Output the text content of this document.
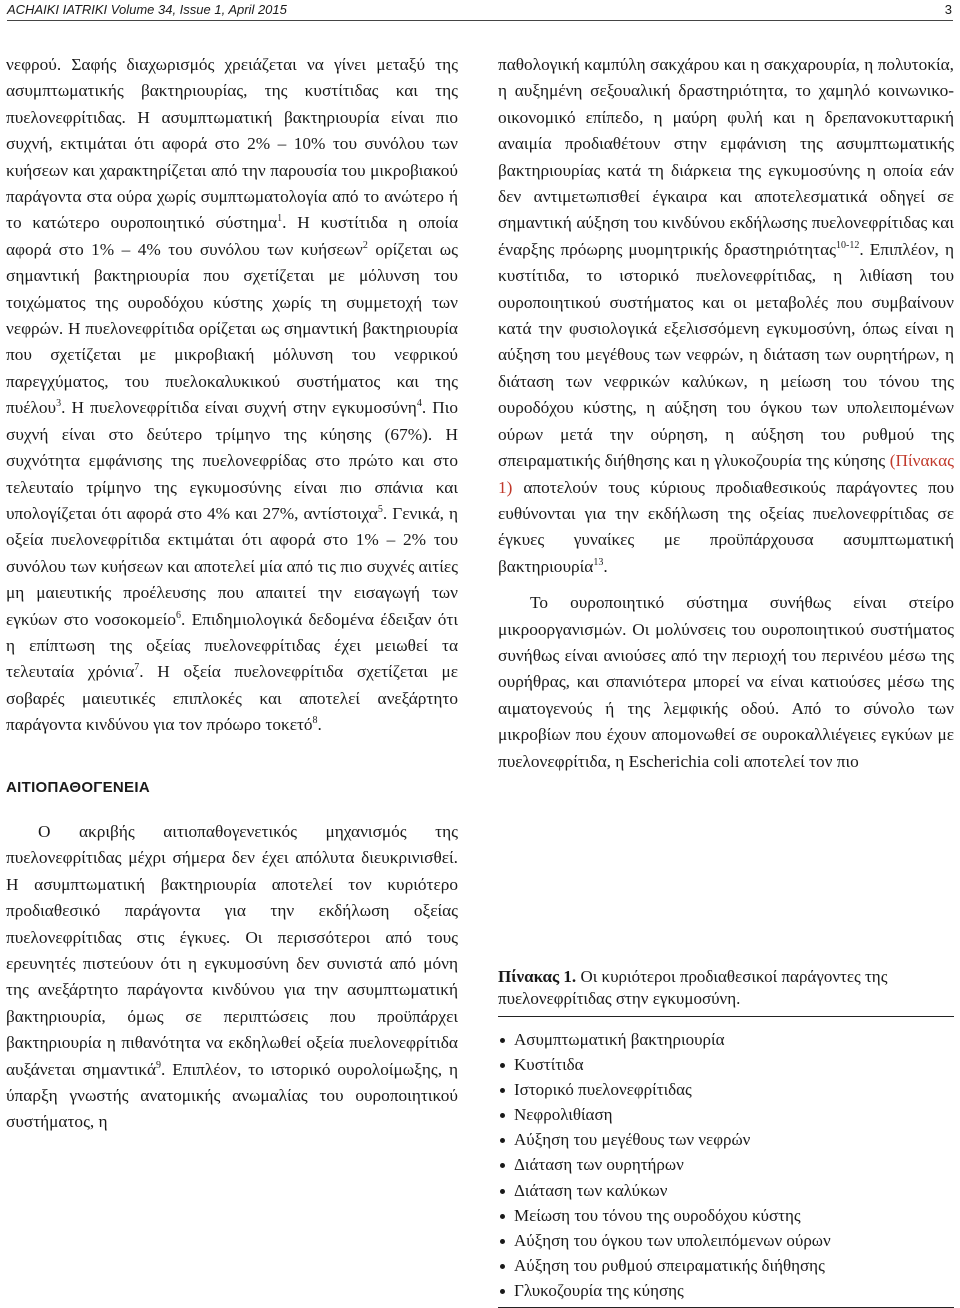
ACHAIKI IATRIKI Volume 34, Issue 1, April 2015	3

νεφρού. Σαφής διαχωρισμός χρειάζεται να γίνει μεταξύ της ασυμπτωματικής βακτηριουρίας, της κυστίτιδας και της πυελονεφρίτιδας. Η ασυμπτωματική βακτηριουρία είναι πιο συχνή, εκτιμάται ότι αφορά στο 2% – 10% του συνόλου των κυήσεων και χαρακτηρίζεται από την παρουσία του μικροβιακού παράγοντα στα ούρα χωρίς συμπτωματολογία από το ανώτερο ή το κατώτερο ουροποιητικό σύστημα$^1$. Η κυστίτιδα η οποία αφορά στο 1% – 4% του συνόλου των κυήσεων$^2$ ορίζεται ως σημαντική βακτηριουρία που σχετίζεται με μόλυνση του τοιχώματος της ουροδόχου κύστης χωρίς τη συμμετοχή των νεφρών. Η πυελονεφρίτιδα ορίζεται ως σημαντική βακτηριουρία που σχετίζεται με μικροβιακή μόλυνση του νεφρικού παρεγχύματος, του πυελοκαλυκικού συστήματος και της πυέλου$^3$. Η πυελονεφρίτιδα είναι συχνή στην εγκυμοσύνη$^4$. Πιο συχνή είναι στο δεύτερο τρίμηνο της κύησης (67%). Η συχνότητα εμφάνισης της πυελονεφρίδας στο πρώτο και στο τελευταίο τρίμηνο της εγκυμοσύνης είναι πιο σπάνια και υπολογίζεται ότι αφορά στο 4% και 27%, αντίστοιχα$^5$. Γενικά, η οξεία πυελονεφρίτιδα εκτιμάται ότι αφορά στο 1% – 2% του συνόλου των κυήσεων και αποτελεί μία από τις πιο συχνές αιτίες μη μαιευτικής προέλευσης που απαιτεί την εισαγωγή των εγκύων στο νοσοκομείο$^6$. Επιδημιολογικά δεδομένα έδειξαν ότι η επίπτωση της οξείας πυελονεφρίτιδας έχει μειωθεί τα τελευταία χρόνια$^7$. Η οξεία πυελονεφρίτιδα σχετίζεται με σοβαρές μαιευτικές επιπλοκές και αποτελεί ανεξάρτητο παράγοντα κινδύνου για τον πρόωρο τοκετό$^8$.

ΑΙΤΙΟΠΑΘΟΓΕΝΕΙΑ

Ο ακριβής αιτιοπαθογενετικός μηχανισμός της πυελονεφρίτιδας μέχρι σήμερα δεν έχει απόλυτα διευκρινισθεί. Η ασυμπτωματική βακτηριουρία αποτελεί τον κυριότερο προδιαθεσικό παράγοντα για την εκδήλωση οξείας πυελονεφρίτιδας στις έγκυες. Οι περισσότεροι από τους ερευνητές πιστεύουν ότι η εγκυμοσύνη δεν συνιστά από μόνη της ανεξάρτητο παράγοντα κινδύνου για την ασυμπτωματική βακτηριουρία, όμως σε περιπτώσεις που προϋπάρχει βακτηριουρία η πιθανότητα να εκδηλωθεί οξεία πυελονεφρίτιδα αυξάνεται σημαντικά$^9$. Επιπλέον, το ιστορικό ουρολοίμωξης, η ύπαρξη γνωστής ανατομικής ανωμαλίας του ουροποιητικού συστήματος, η

παθολογική καμπύλη σακχάρου και η σακχαρουρία, η πολυτοκία, η αυξημένη σεξουαλική δραστηριότητα, το χαμηλό κοινωνικο-οικονομικό επίπεδο, η μαύρη φυλή και η δρεπανοκυτταρική αναιμία προδιαθέτουν στην εμφάνιση της ασυμπτωματικής βακτηριουρίας κατά τη διάρκεια της εγκυμοσύνης η οποία εάν δεν αντιμετωπισθεί έγκαιρα και αποτελεσματικά οδηγεί σε σημαντική αύξηση του κινδύνου εκδήλωσης πυελονεφρίτιδας και έναρξης πρόωρης μυομητρικής δραστηριότητας$^{10-12}$. Επιπλέον, η κυστίτιδα, το ιστορικό πυελονεφρίτιδας, η λιθίαση του ουροποιητικού συστήματος και οι μεταβολές που συμβαίνουν κατά την φυσιολογικά εξελισσόμενη εγκυμοσύνη, όπως είναι η αύξηση του μεγέθους των νεφρών, η διάταση των ουρητήρων, η διάταση των νεφρικών καλύκων, η μείωση του τόνου της ουροδόχου κύστης, η αύξηση του όγκου των υπολειπομένων ούρων μετά την ούρηση, η αύξηση του ρυθμού της σπειραματικής διήθησης και η γλυκοζουρία της κύησης (Πίνακας 1) αποτελούν τους κύριους προδιαθεσικούς παράγοντες που ευθύνονται για την εκδήλωση της οξείας πυελονεφρίτιδας σε έγκυες γυναίκες με προϋπάρχουσα ασυμπτωματική βακτηριουρία$^{13}$.

Το ουροποιητικό σύστημα συνήθως είναι στείρο μικροοργανισμών. Οι μολύνσεις του ουροποιητικού συστήματος συνήθως είναι ανιούσες από την περιοχή του περινέου μέσω της ουρήθρας, και σπανιότερα μπορεί να είναι κατιούσες μέσω της αιματογενούς ή της λεμφικής οδού. Από το σύνολο των μικροβίων που έχουν απομονωθεί σε ουροκαλλιέγειες εγκύων με πυελονεφρίτιδα, η Escherichia coli αποτελεί τον πιο

Πίνακας 1. Οι κυριότεροι προδιαθεσικοί παράγοντες της πυελονεφρίτιδας στην εγκυμοσύνη.
Ασυμπτωματική βακτηριουρία
Κυστίτιδα
Ιστορικό πυελονεφρίτιδας
Νεφρολιθίαση
Αύξηση του μεγέθους των νεφρών
Διάταση των ουρητήρων
Διάταση των καλύκων
Μείωση του τόνου της ουροδόχου κύστης
Αύξηση του όγκου των υπολειπόμενων ούρων
Αύξηση του ρυθμού σπειραματικής διήθησης
Γλυκοζουρία της κύησης
